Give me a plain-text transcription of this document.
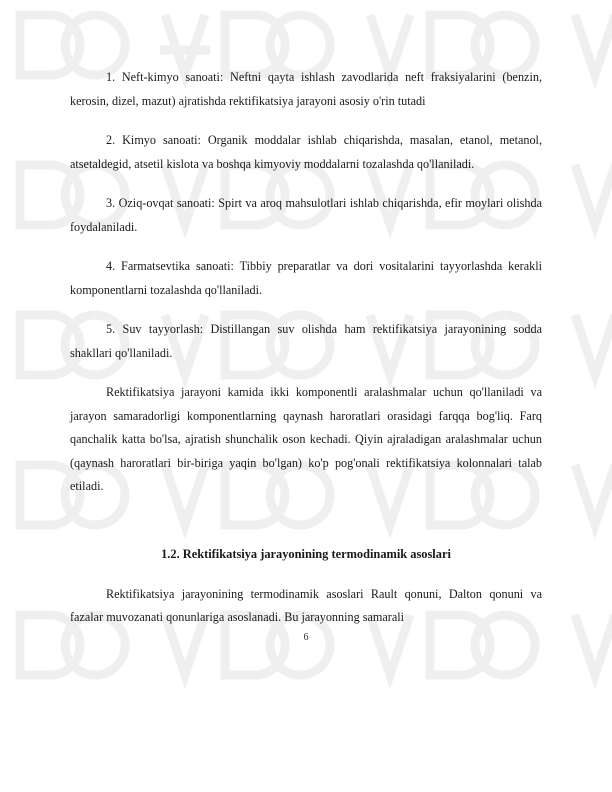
1. Neft-kimyo sanoati: Neftni qayta ishlash zavodlarida neft fraksiyalarini (benzin, kerosin, dizel, mazut) ajratishda rektifikatsiya jarayoni asosiy o'rin tutadi

2. Kimyo sanoati: Organik moddalar ishlab chiqarishda, masalan, etanol, metanol, atsetaldegid, atsetil kislota va boshqa kimyoviy moddalarni tozalashda qo'llaniladi.

3. Oziq-ovqat sanoati: Spirt va aroq mahsulotlari ishlab chiqarishda, efir moylari olishda foydalaniladi.

4. Farmatsevtika sanoati: Tibbiy preparatlar va dori vositalarini tayyorlashda kerakli komponentlarni tozalashda qo'llaniladi.

5. Suv tayyorlash: Distillangan suv olishda ham rektifikatsiya jarayonining sodda shakllari qo'llaniladi.

Rektifikatsiya jarayoni kamida ikki komponentli aralashmalar uchun qo'llaniladi va jarayon samaradorligi komponentlarning qaynash haroratlari orasidagi farqqa bog'liq. Farq qanchalik katta bo'lsa, ajratish shunchalik oson kechadi. Qiyin ajraladigan aralashmalar uchun (qaynash haroratlari bir-biriga yaqin bo'lgan) ko'p pog'onali rektifikatsiya kolonnalari talab etiladi.

1.2. Rektifikatsiya jarayonining termodinamik asoslari

Rektifikatsiya jarayonining termodinamik asoslari Rault qonuni, Dalton qonuni va fazalar muvozanati qonunlariga asoslanadi. Bu jarayonning samarali

6
